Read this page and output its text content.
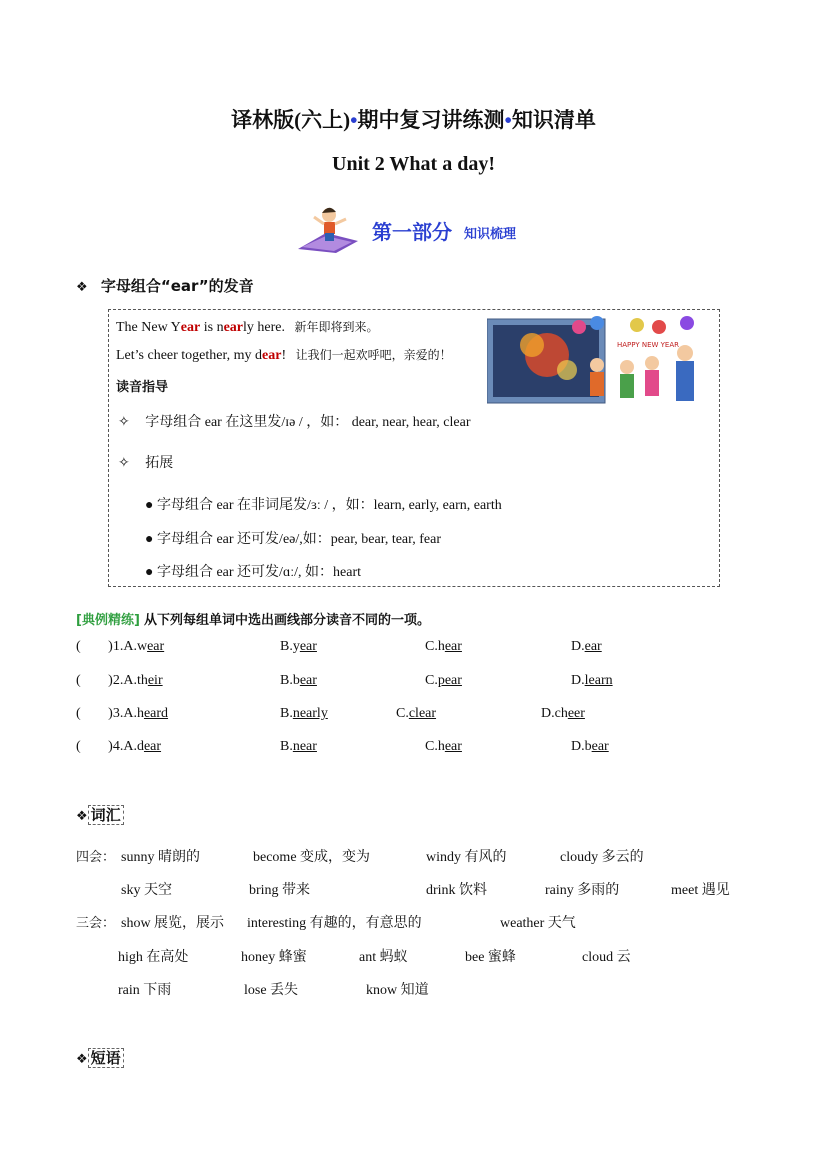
译林版(六上)•期中复习讲练测•知识清单
Unit 2 What a day!
第一部分 知识梳理
❖ 字母组合“ear”的发音
The New Year is nearly here. 新年即将到来。
Let’s cheer together, my dear! 让我们一起欢呼吧，亲爱的！
读音指导
✧ 字母组合 ear 在这里发/ɪə / ，如： dear, near, hear, clear
✧ 拓展
● 字母组合 ear 在非词尾发/ɜː / ，如：learn, early, earn, earth
● 字母组合 ear 还可发/eə/,如：pear, bear, tear, fear
● 字母组合 ear 还可发/ɑː/, 如：heart
HAPPY NEW YEAR
[典例精练] 从下列每组单词中选出画线部分读音不同的一项。
( )1.A.wear	B.year	C.hear	D.ear
( )2.A.their	B.bear	C.pear	D.learn
( )3.A.heard	B.nearly	C.clear	D.cheer
( )4.A.dear	B.near	C.hear	D.bear
❖ 词汇
四会： sunny 晴朗的	become 变成，变为	windy 有风的	cloudy 多云的
sky 天空	bring 带来	drink 饮料	rainy 多雨的	meet 遇见
三会： show 展览，展示 interesting 有趣的，有意思的	weather 天气
high 在高处	honey 蜂蜜	ant 蚂蚁	bee 蜜蜂	cloud 云
rain 下雨	lose 丢失	know 知道
❖ 短语
